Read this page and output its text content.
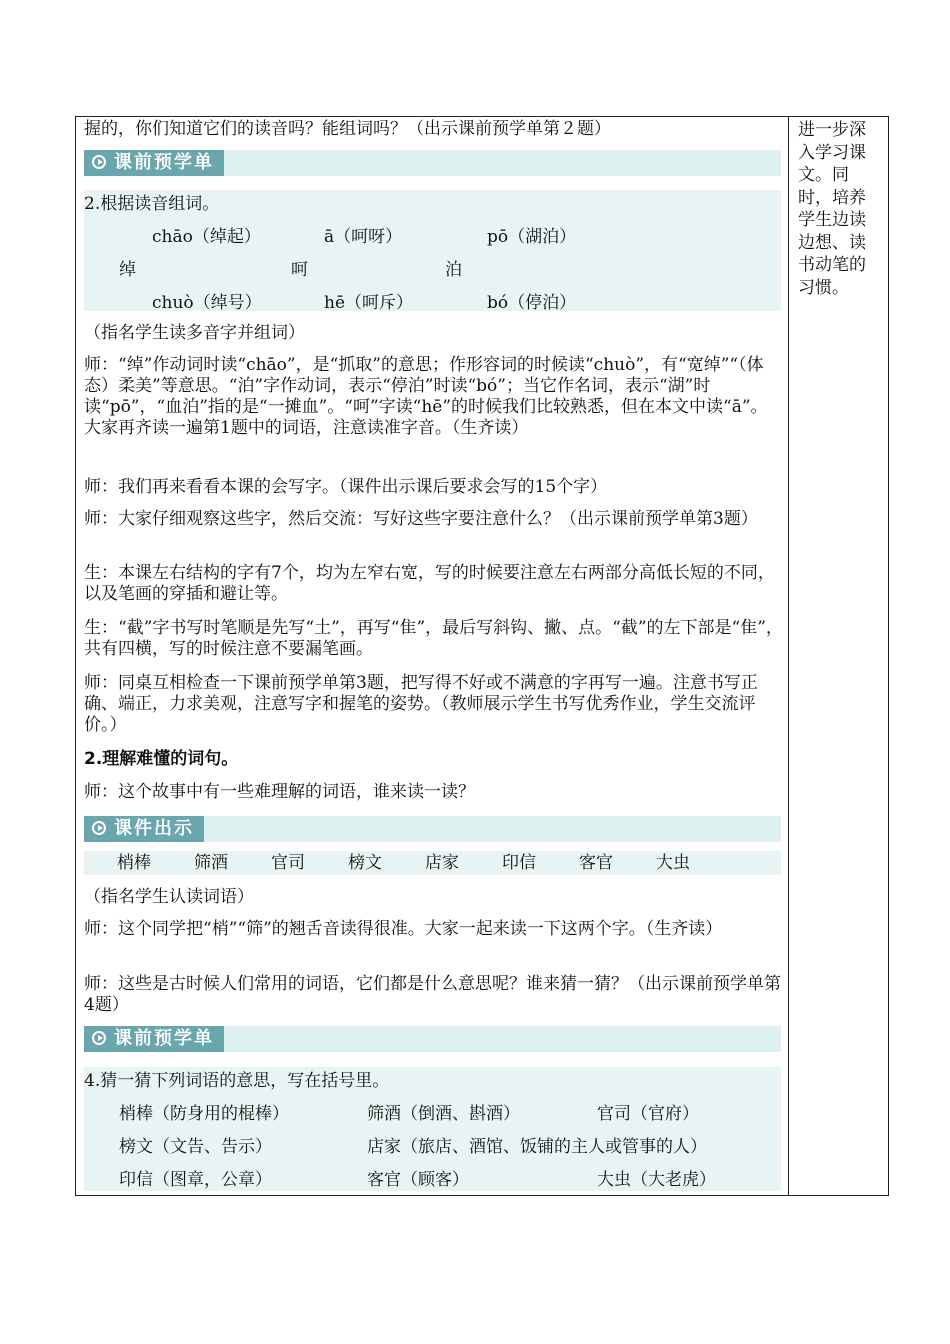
进一步深入学习课文。同时，培养学生边读边想、读书动笔的习惯。
握的，你们知道它们的读音吗？能组词吗？（出示课前预学单第２题）
课前预学单
2.根据读音组词。
chāo（绰起）	ā（呵呀）	pō（湖泊）
绰	呵	泊
chuò（绰号）	hē（呵斥）	bó（停泊）
（指名学生读多音字并组词）
师：“绰”作动词时读“chāo”，是“抓取”的意思；作形容词的时候读“chuò”，有“宽绰”“（体态）柔美”等意思。“泊”字作动词，表示“停泊”时读“bó”；当它作名词，表示“湖”时读“pō”，“血泊”指的是“一摊血”。“呵”字读“hē”的时候我们比较熟悉，但在本文中读“ā”。大家再齐读一遍第1题中的词语，注意读准字音。（生齐读）
师：我们再来看看本课的会写字。（课件出示课后要求会写的15个字）
师：大家仔细观察这些字，然后交流：写好这些字要注意什么？（出示课前预学单第3题）
生：本课左右结构的字有7个，均为左窄右宽，写的时候要注意左右两部分高低长短的不同，以及笔画的穿插和避让等。
生：“截”字书写时笔顺是先写“土”，再写“隹”，最后写斜钩、撇、点。“截”的左下部是“隹”，共有四横，写的时候注意不要漏笔画。
师：同桌互相检查一下课前预学单第3题，把写得不好或不满意的字再写一遍。注意书写正确、端正，力求美观，注意写字和握笔的姿势。（教师展示学生书写优秀作业，学生交流评价。）
2.理解难懂的词句。
师：这个故事中有一些难理解的词语，谁来读一读？
课件出示
梢棒	筛酒	官司	榜文	店家	印信	客官	大虫
（指名学生认读词语）
师：这个同学把“梢”“筛”的翘舌音读得很准。大家一起来读一下这两个字。（生齐读）
师：这些是古时候人们常用的词语，它们都是什么意思呢？谁来猜一猜？（出示课前预学单第4题）
课前预学单
4.猜一猜下列词语的意思，写在括号里。
梢棒（防身用的棍棒）	筛酒（倒酒、斟酒）	官司（官府）
榜文（文告、告示）	店家（旅店、酒馆、饭铺的主人或管事的人）
印信（图章，公章）	客官（顾客）	大虫（大老虎）
